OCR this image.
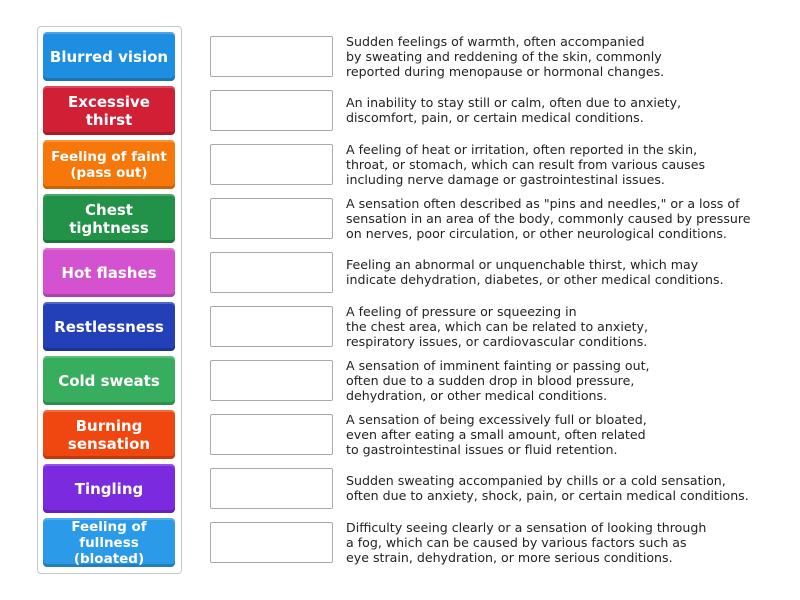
Blurred vision
Sudden feelings of warmth, often accompanied
by sweating and reddening of the skin, commonly
reported during menopause or hormonal changes.
Excessive thirst
An inability to stay still or calm, often due to anxiety,
discomfort, pain, or certain medical conditions.
Feeling of faint (pass out)
A feeling of heat or irritation, often reported in the skin,
throat, or stomach, which can result from various causes
including nerve damage or gastrointestinal issues.
Chest tightness
A sensation often described as "pins and needles," or a loss of
sensation in an area of the body, commonly caused by pressure
on nerves, poor circulation, or other neurological conditions.
Hot flashes	Feeling an abnormal or unquenchable thirst, which may
indicate dehydration, diabetes, or other medical conditions.
Restlessness
A feeling of pressure or squeezing in
the chest area, which can be related to anxiety,
respiratory issues, or cardiovascular conditions.
Cold sweats
A sensation of imminent fainting or passing out,
often due to a sudden drop in blood pressure,
dehydration, or other medical conditions.
Burning sensation
A sensation of being excessively full or bloated,
even after eating a small amount, often related
to gastrointestinal issues or fluid retention.
Tingling	Sudden sweating accompanied by chills or a cold sensation,
often due to anxiety, shock, pain, or certain medical conditions.
Feeling of fullness (bloated)
Difficulty seeing clearly or a sensation of looking through
a fog, which can be caused by various factors such as
eye strain, dehydration, or more serious conditions.
